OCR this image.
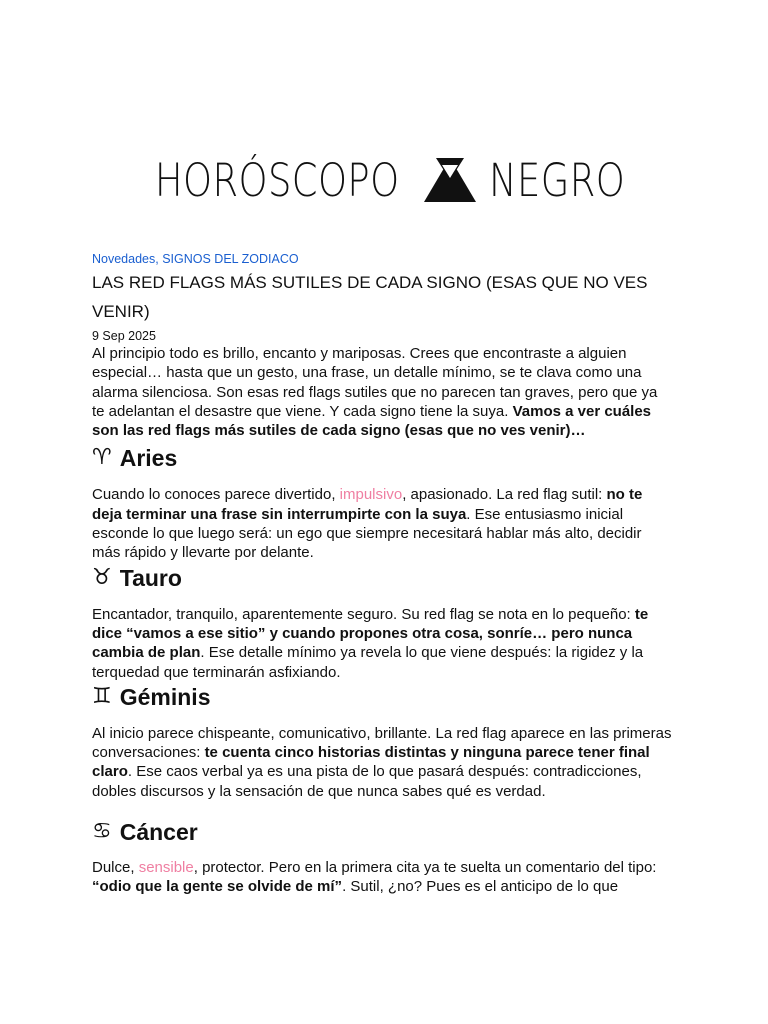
HORÓSCOPO NEGRO
Novedades, SIGNOS DEL ZODIACO
LAS RED FLAGS MÁS SUTILES DE CADA SIGNO (ESAS QUE NO VES VENIR)
9 Sep 2025

Al principio todo es brillo, encanto y mariposas. Crees que encontraste a alguien especial… hasta que un gesto, una frase, un detalle mínimo, se te clava como una alarma silenciosa. Son esas red flags sutiles que no parecen tan graves, pero que ya te adelantan el desastre que viene. Y cada signo tiene la suya. Vamos a ver cuáles son las red flags más sutiles de cada signo (esas que no ves venir)…

♈ Aries

Cuando lo conoces parece divertido, impulsivo, apasionado. La red flag sutil: no te deja terminar una frase sin interrumpirte con la suya. Ese entusiasmo inicial esconde lo que luego será: un ego que siempre necesitará hablar más alto, decidir más rápido y llevarte por delante.

♉ Tauro

Encantador, tranquilo, aparentemente seguro. Su red flag se nota en lo pequeño: te dice “vamos a ese sitio” y cuando propones otra cosa, sonríe… pero nunca cambia de plan. Ese detalle mínimo ya revela lo que viene después: la rigidez y la terquedad que terminarán asfixiando.

♊ Géminis

Al inicio parece chispeante, comunicativo, brillante. La red flag aparece en las primeras conversaciones: te cuenta cinco historias distintas y ninguna parece tener final claro. Ese caos verbal ya es una pista de lo que pasará después: contradicciones, dobles discursos y la sensación de que nunca sabes qué es verdad.

♋ Cáncer

Dulce, sensible, protector. Pero en la primera cita ya te suelta un comentario del tipo: “odio que la gente se olvide de mí”. Sutil, ¿no? Pues es el anticipo de lo que
